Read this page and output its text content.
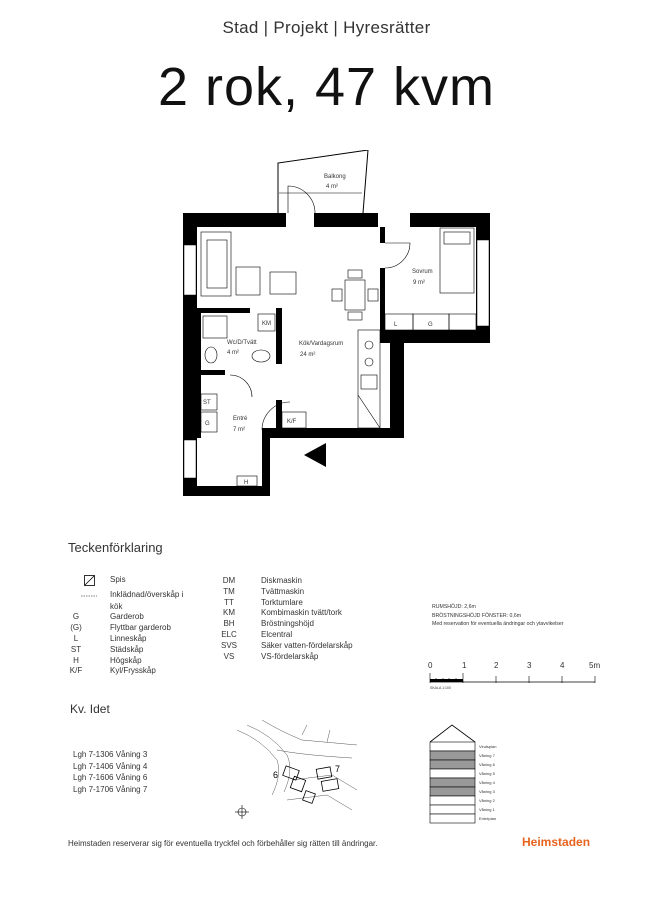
Stad | Projekt | Hyresrätter
2 rok, 47 kvm
Balkong
4 m²
Sovrum
9 m²
Kök/Vardagsrum
24 m²
Wc/D/Tvätt
4 m²
Entré
7 m²
KM
ST
G
L	G
H
K/F
Teckenförklaring
Spis
Inklädnad/överskåp i
kök
G	Garderob
(G)	Flyttbar garderob
L	Linneskåp
ST	Städskåp
H	Högskåp
K/F	Kyl/Frysskåp
DM	Diskmaskin
TM	Tvättmaskin
TT	Torktumlare
KM	Kombimaskin tvätt/tork
BH	Bröstningshöjd
ELC	Elcentral
SVS	Säker vatten-fördelarskåp
VS	VS-fördelarskåp
RUMSHÖJD: 2,6m
BRÖSTNINGSHÖJD FÖNSTER: 0,6m
Med reservation för eventuella ändringar och ytavvikelser
0	1	2	3	4	5m
SKALA 1:100
Kv. Idet
Lgh 7-1306 Våning 3
Lgh 7-1406 Våning 4
Lgh 7-1606 Våning 6
Lgh 7-1706 Våning 7
6
7
Vindsplan
Våning 7
Våning 6
Våning 5
Våning 4
Våning 3
Våning 2
Våning 1
Entréplan
Heimstaden reserverar sig för eventuella tryckfel och förbehåller sig rätten till ändringar.	Heimstaden
